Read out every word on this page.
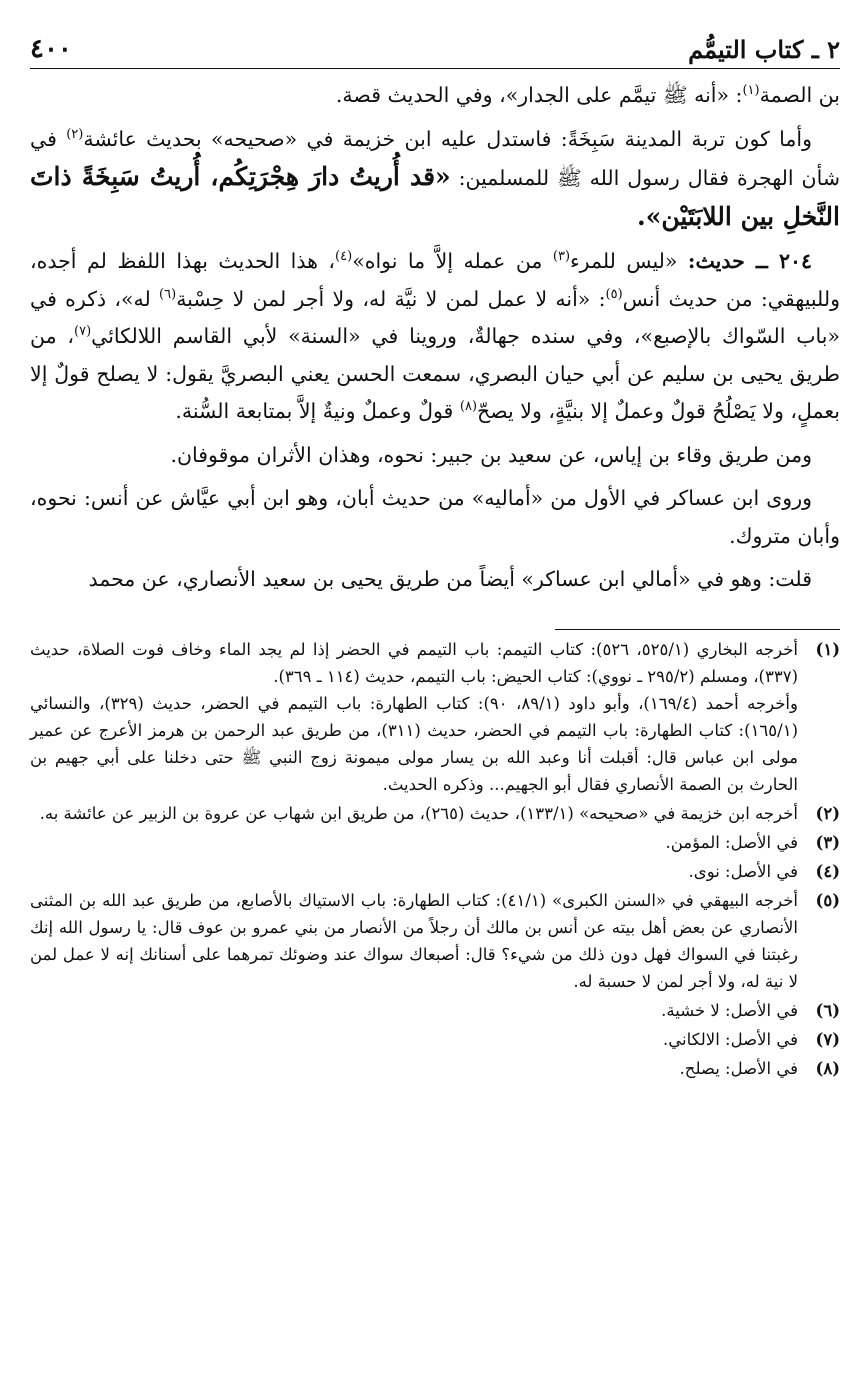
٢ ـ كتاب التيمُّم
٤٠٠

بن الصمة$^{(١)}$: «أنه ﷺ تيمَّم على الجدار»، وفي الحديث قصة.

وأما كون تربة المدينة سَبِخَةً: فاستدل عليه ابن خزيمة في «صحيحه» بحديث عائشة$^{(٢)}$ في شأن الهجرة فقال رسول الله ﷺ للمسلمين: «قد أُريتُ دارَ هِجْرَتِكُم، أُريتُ سَبِخَةً ذاتَ النَّخلِ بين اللابَتَيْن».

٢٠٤ ــ حديث: «ليس للمرء$^{(٣)}$ من عمله إلاَّ ما نواه»$^{(٤)}$، هذا الحديث بهذا اللفظ لم أجده، وللبيهقي: من حديث أنس$^{(٥)}$: «أنه لا عمل لمن لا نيَّة له، ولا أجر لمن لا حِسْبة$^{(٦)}$ له»، ذكره في «باب السّواك بالإصبع»، وفي سنده جهالةٌ، وروينا في «السنة» لأبي القاسم اللالكائي$^{(٧)}$، من طريق يحيى بن سليم عن أبي حيان البصري، سمعت الحسن يعني البصريَّ يقول: لا يصلح قولٌ إلا بعملٍ، ولا يَصْلُحُ قولٌ وعملٌ إلا بنيَّةٍ، ولا يصحّ$^{(٨)}$ قولٌ وعملٌ ونيةٌ إلاَّ بمتابعة السُّنة.

ومن طريق وقاء بن إياس، عن سعيد بن جبير: نحوه، وهذان الأثران موقوفان.

وروى ابن عساكر في الأول من «أماليه» من حديث أبان، وهو ابن أبي عيَّاش عن أنس: نحوه، وأبان متروك.

قلت: وهو في «أمالي ابن عساكر» أيضاً من طريق يحيى بن سعيد الأنصاري، عن محمد

(١)
أخرجه البخاري (٥٢٥/١، ٥٢٦): كتاب التيمم: باب التيمم في الحضر إذا لم يجد الماء وخاف فوت الصلاة، حديث (٣٣٧)، ومسلم (٢٩٥/٢ ـ نووي): كتاب الحيض: باب التيمم، حديث (١١٤ ـ ٣٦٩).
وأخرجه أحمد (١٦٩/٤)، وأبو داود (٨٩/١، ٩٠): كتاب الطهارة: باب التيمم في الحضر، حديث (٣٢٩)، والنسائي (١٦٥/١): كتاب الطهارة: باب التيمم في الحضر، حديث (٣١١)، من طريق عبد الرحمن بن هرمز الأعرج عن عمير مولى ابن عباس قال: أقبلت أنا وعبد الله بن يسار مولى ميمونة زوج النبي ﷺ حتى دخلنا على أبي جهيم بن الحارث بن الصمة الأنصاري فقال أبو الجهيم... وذكره الحديث.
(٢)
أخرجه ابن خزيمة في «صحيحه» (١٣٣/١)، حديث (٢٦٥)، من طريق ابن شهاب عن عروة بن الزبير عن عائشة به.
(٣)
في الأصل: المؤمن.
(٤)
في الأصل: نوى.
(٥)
أخرجه البيهقي في «السنن الكبرى» (٤١/١): كتاب الطهارة: باب الاستياك بالأصابع، من طريق عبد الله بن المثنى الأنصاري عن بعض أهل بيته عن أنس بن مالك أن رجلاً من الأنصار من بني عمرو بن عوف قال: يا رسول الله إنك رغبتنا في السواك فهل دون ذلك من شيء؟ قال: أصبعاك سواك عند وضوئك تمرهما على أسنانك إنه لا عمل لمن لا نية له، ولا أجر لمن لا حسبة له.
(٦)
في الأصل: لا خشية.
(٧)
في الأصل: الالكاني.
(٨)
في الأصل: يصلح.
